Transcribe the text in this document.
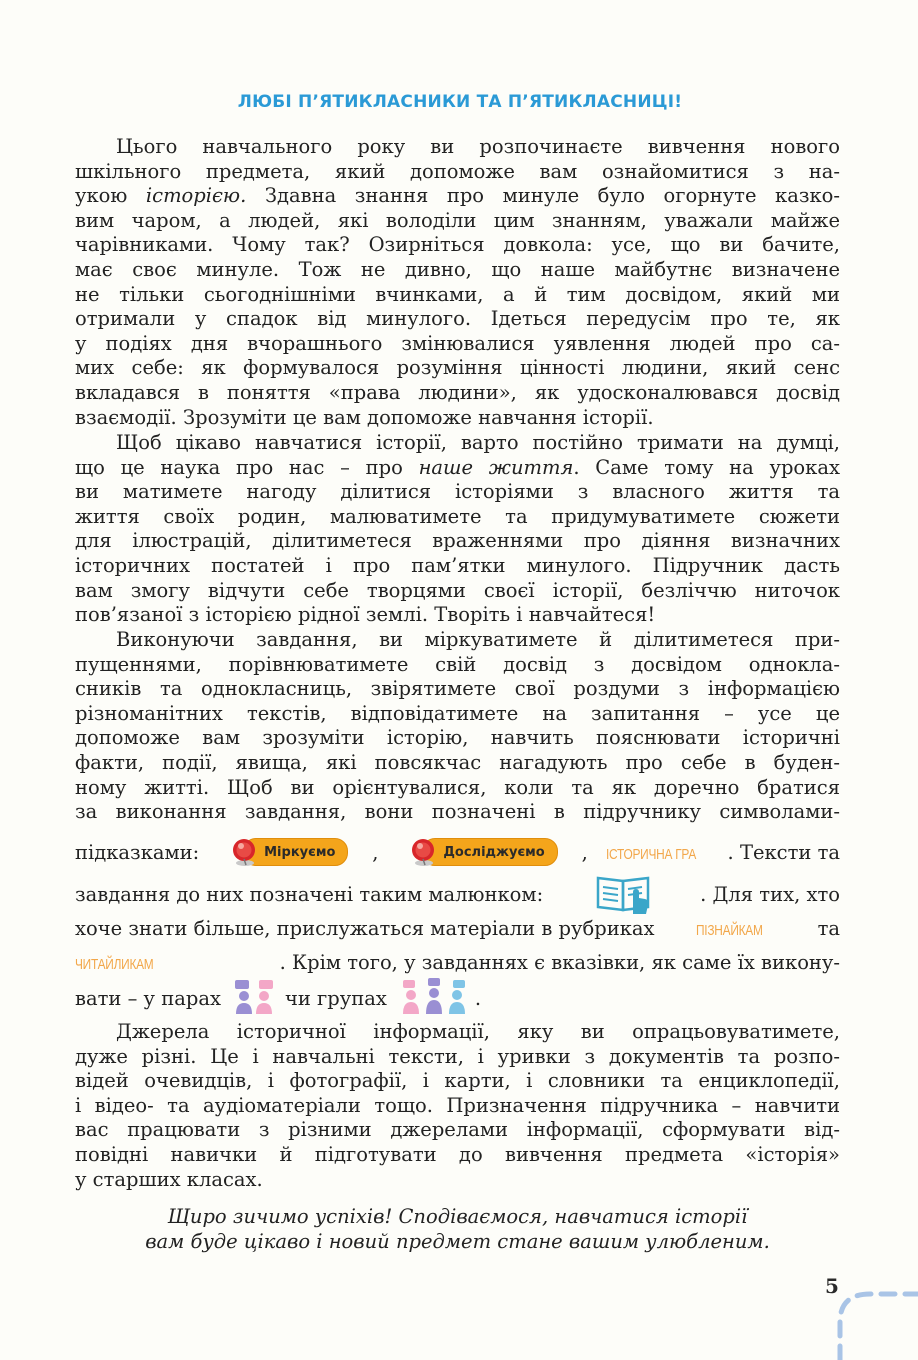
ЛЮБІ П’ЯТИКЛАСНИКИ ТА П’ЯТИКЛАСНИЦІ!

Цього навчального року ви розпочинаєте вивчення нового

шкільного предмета, який допоможе вам ознайомитися з на-
укою історією. Здавна знання про минуле було огорнуте казко-
вим чаром, а людей, які володіли цим знанням, уважали майже
чарівниками. Чому так? Озирніться довкола: усе, що ви бачите,
має своє минуле. Тож не дивно, що наше майбутнє визначене
не тільки сьогоднішніми вчинками, а й тим досвідом, який ми
отримали у спадок від минулого. Ідеться передусім про те, як
у подіях дня вчорашнього змінювалися уявлення людей про са-
мих себе: як формувалося розуміння цінності людини, який сенс
вкладався в поняття «права людини», як удосконалювався досвід
взаємодії. Зрозуміти це вам допоможе навчання історії.

Щоб цікаво навчатися історії, варто постійно тримати на думці,

що це наука про нас – про наше життя. Саме тому на уроках
ви матимете нагоду ділитися історіями з власного життя та
життя своїх родин, малюватимете та придумуватимете сюжети
для ілюстрацій, ділитиметеся враженнями про діяння визначних
історичних постатей і про пам’ятки минулого. Підручник дасть
вам змогу відчути себе творцями своєї історії, безліччю ниточок
пов’язаної з історією рідної землі. Творіть і навчайтеся!

Виконуючи завдання, ви міркуватимете й ділитиметеся при-

пущеннями, порівнюватимете свій досвід з досвідом однокла-
сників та однокласниць, звірятимете свої роздуми з інформацією
різноманітних текстів, відповідатимете на запитання – усе це
допоможе вам зрозуміти історію, навчить пояснювати історичні
факти, події, явища, які повсякчас нагадують про себе в буден-
ному житті. Щоб ви орієнтувалися, коли та як доречно братися
за виконання завдання, вони позначені в підручнику символами-
підказками:	Міркуємо ,	Досліджуємо , ІСТОРИЧНА ГРА	. Тексти та
завдання до них позначені таким малюнком:	. Для тих, хто
хоче знати більше, прислужаться матеріали в рубриках	ПІЗНАЙКАМ	та
ЧИТАЙЛИКАМ	. Крім того, у завданнях є вказівки, як саме їх викону-
вати – у парах	чи групах	.

Джерела історичної інформації, яку ви опрацьовуватимете,

дуже різні. Це і навчальні тексти, і уривки з документів та розпо-
відей очевидців, і фотографії, і карти, і словники та енциклопедії,
і відео- та аудіоматеріали тощо. Призначення підручника – навчити
вас працювати з різними джерелами інформації, сформувати від-
повідні навички й підготувати до вивчення предмета «історія»
у старших класах.
Щиро зичимо успіхів! Сподіваємося, навчатися історії
вам буде цікаво і новий предмет стане вашим улюбленим.
5
